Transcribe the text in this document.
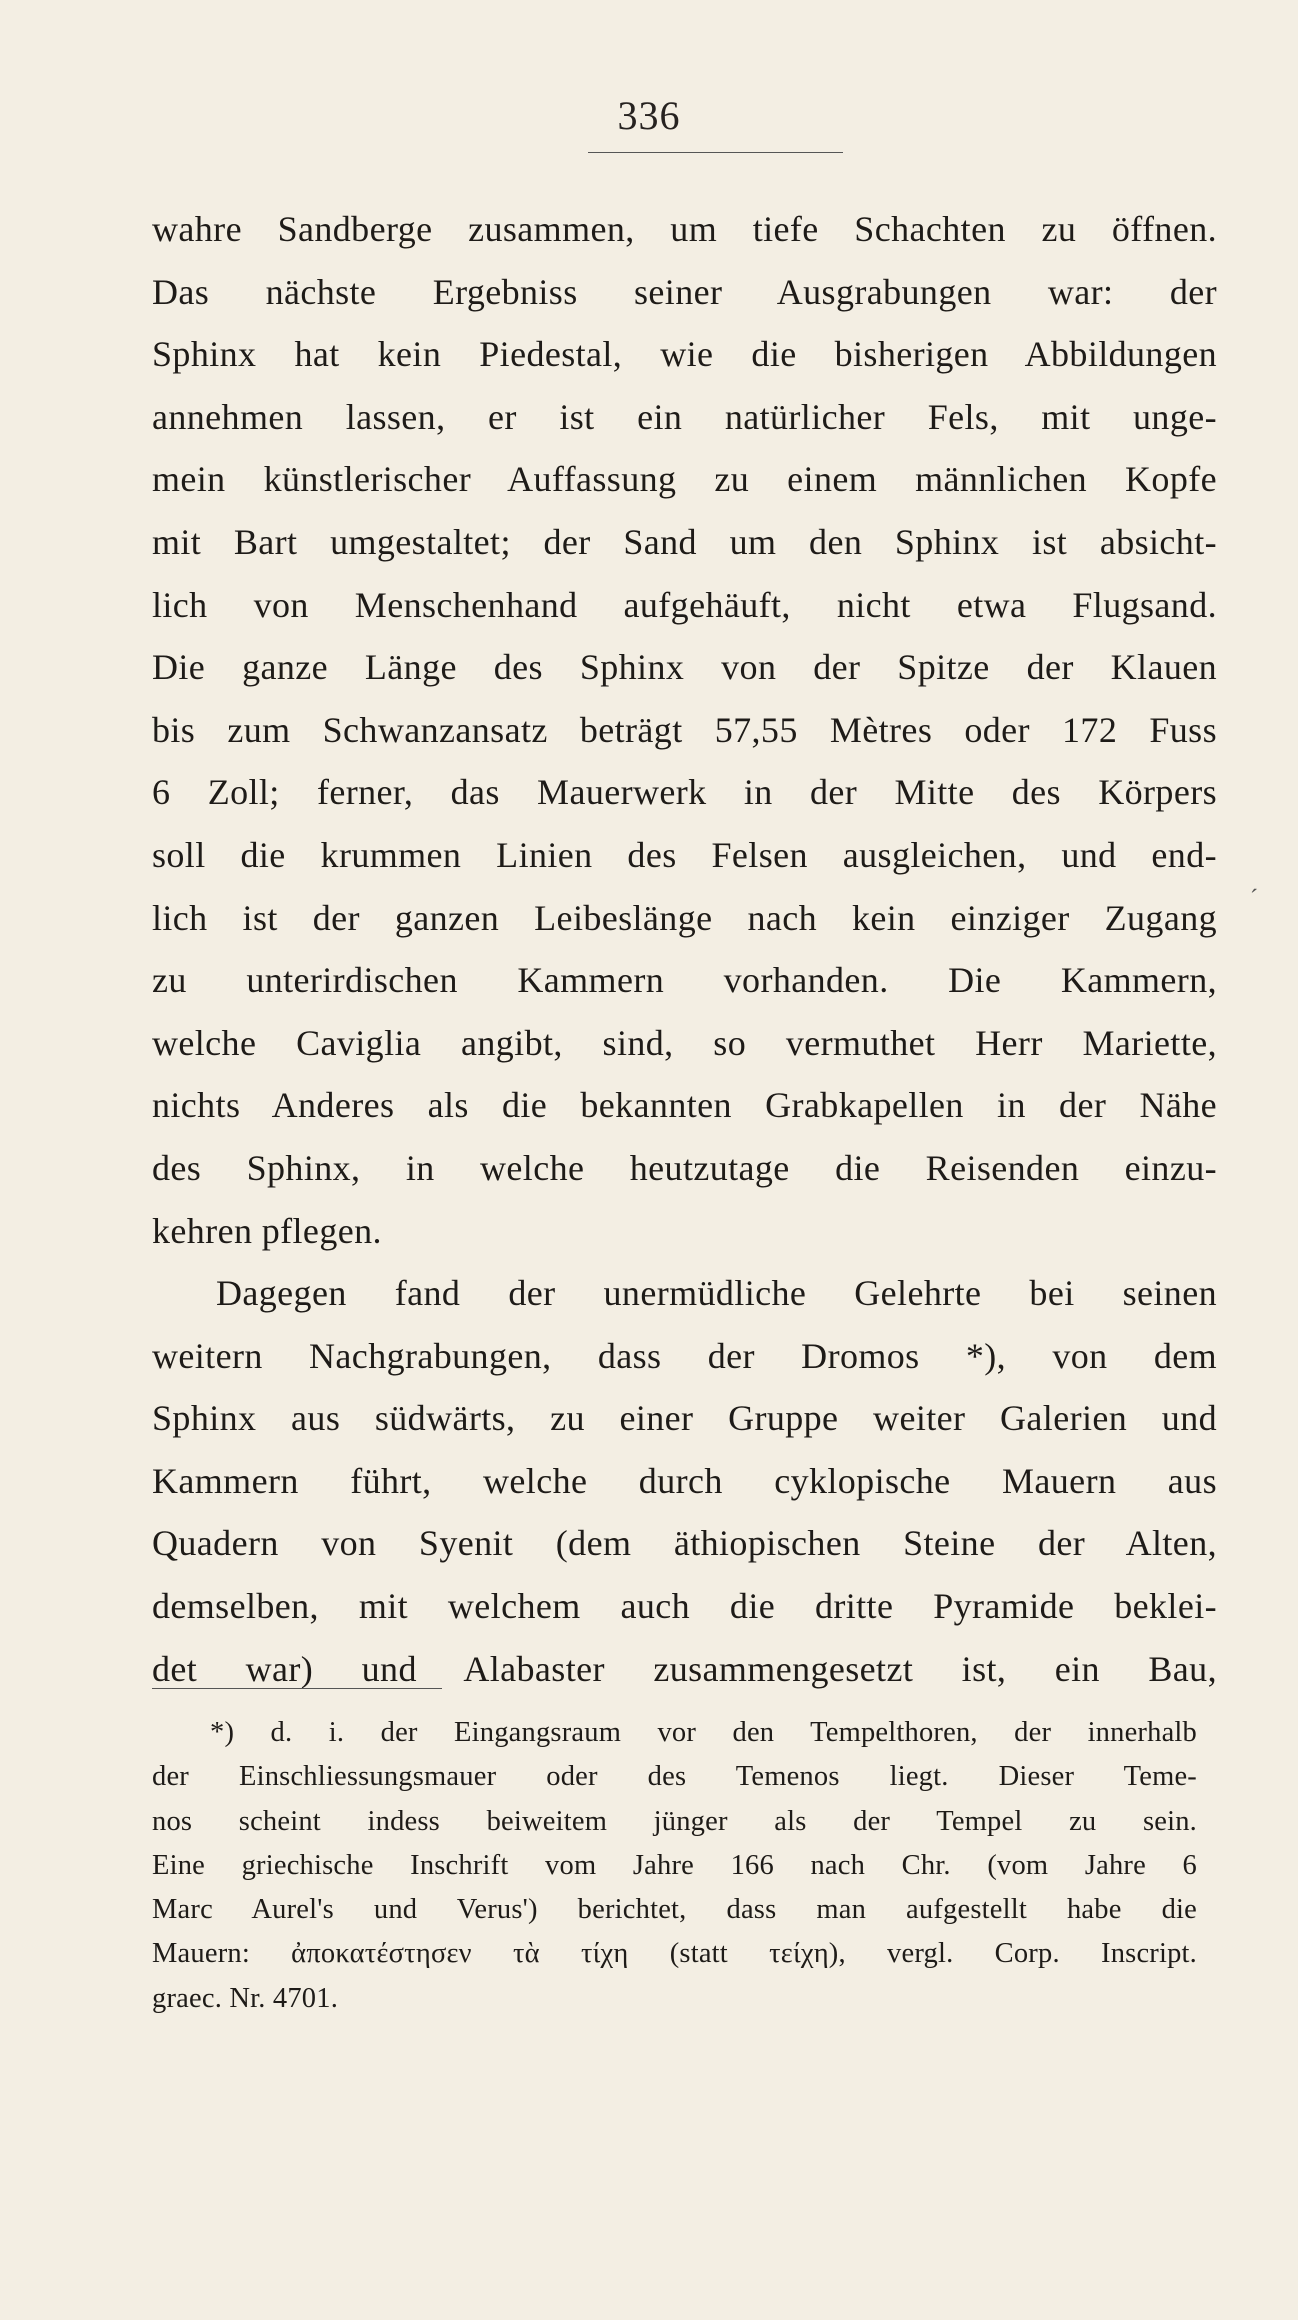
336
´
wahre Sandberge zusammen, um tiefe Schachten zu öffnen.
Das nächste Ergebniss seiner Ausgrabungen war: der
Sphinx hat kein Piedestal, wie die bisherigen Abbildungen
annehmen lassen, er ist ein natürlicher Fels, mit unge-
mein künstlerischer Auffassung zu einem männlichen Kopfe
mit Bart umgestaltet; der Sand um den Sphinx ist absicht-
lich von Menschenhand aufgehäuft, nicht etwa Flugsand.
Die ganze Länge des Sphinx von der Spitze der Klauen
bis zum Schwanzansatz beträgt 57,55 Mètres oder 172 Fuss
6 Zoll; ferner, das Mauerwerk in der Mitte des Körpers
soll die krummen Linien des Felsen ausgleichen, und end-
lich ist der ganzen Leibeslänge nach kein einziger Zugang
zu unterirdischen Kammern vorhanden. Die Kammern,
welche Caviglia angibt, sind, so vermuthet Herr Mariette,
nichts Anderes als die bekannten Grabkapellen in der Nähe
des Sphinx, in welche heutzutage die Reisenden einzu-
kehren pflegen.
Dagegen fand der unermüdliche Gelehrte bei seinen
weitern Nachgrabungen, dass der Dromos *), von dem
Sphinx aus südwärts, zu einer Gruppe weiter Galerien und
Kammern führt, welche durch cyklopische Mauern aus
Quadern von Syenit (dem äthiopischen Steine der Alten,
demselben, mit welchem auch die dritte Pyramide beklei-
det war) und Alabaster zusammengesetzt ist, ein Bau,
*) d. i. der Eingangsraum vor den Tempelthoren, der innerhalb
der Einschliessungsmauer oder des Temenos liegt. Dieser Teme-
nos scheint indess beiweitem jünger als der Tempel zu sein.
Eine griechische Inschrift vom Jahre 166 nach Chr. (vom Jahre 6
Marc Aurel's und Verus') berichtet, dass man aufgestellt habe die
Mauern: ἀποκατέστησεν τὰ τίχη (statt τείχη), vergl. Corp. Inscript.
graec. Nr. 4701.
